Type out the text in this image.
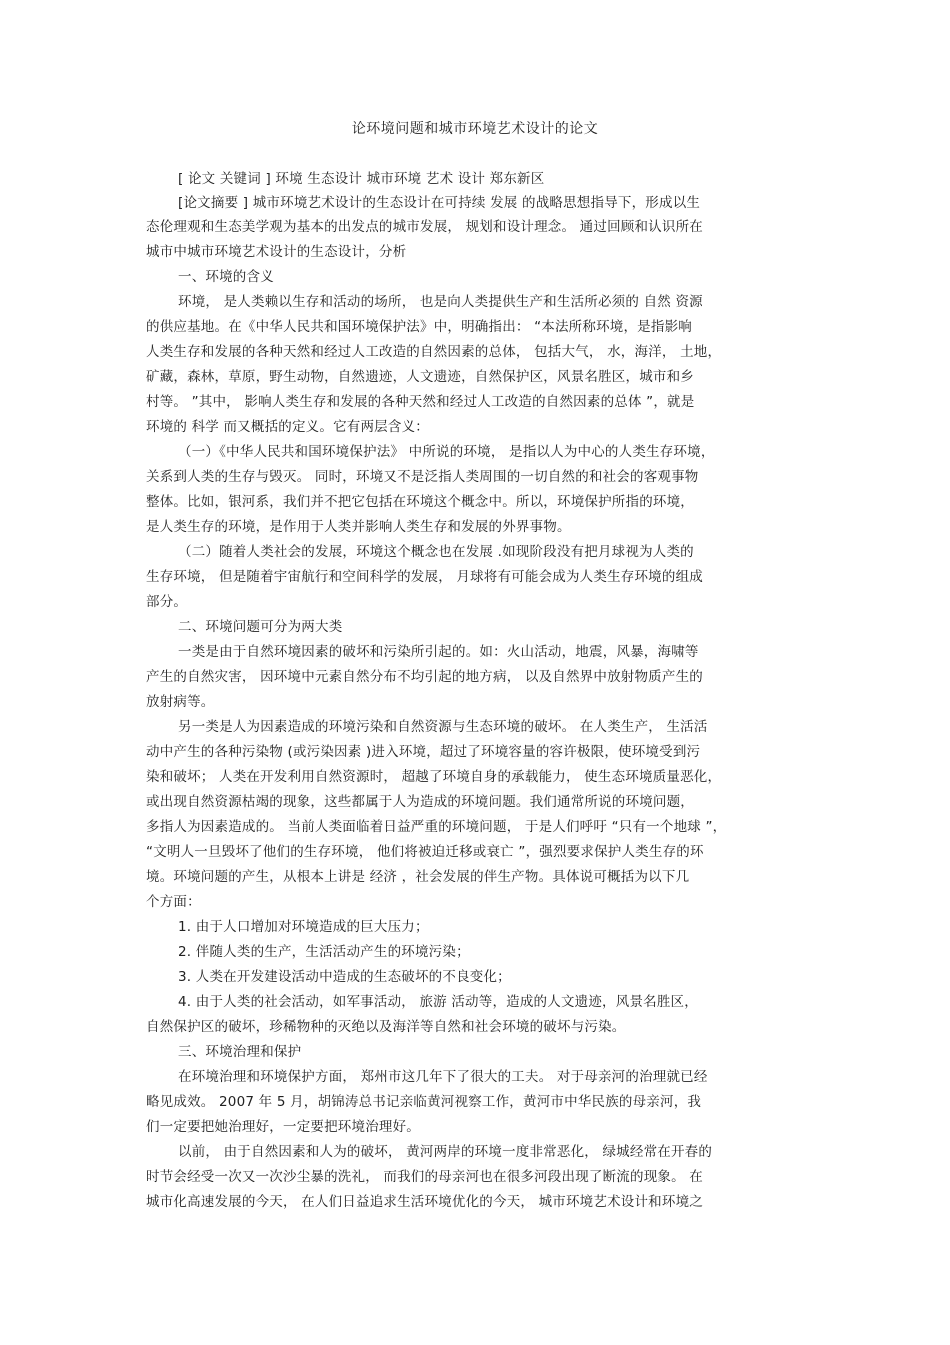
论环境问题和城市环境艺术设计的论文
[ 论文 关键词 ] 环境 生态设计 城市环境 艺术 设计 郑东新区
[论文摘要 ] 城市环境艺术设计的生态设计在可持续 发展 的战略思想指导下，形成以生
态伦理观和生态美学观为基本的出发点的城市发展， 规划和设计理念。 通过回顾和认识所在
城市中城市环境艺术设计的生态设计，分析
一、环境的含义
环境， 是人类赖以生存和活动的场所， 也是向人类提供生产和生活所必须的 自然 资源
的供应基地。在《中华人民共和国环境保护法》中，明确指出： “本法所称环境，是指影响
人类生存和发展的各种天然和经过人工改造的自然因素的总体， 包括大气， 水，海洋， 土地，
矿藏，森林，草原，野生动物，自然遗迹，人文遗迹，自然保护区，风景名胜区，城市和乡
村等。 ”其中， 影响人类生存和发展的各种天然和经过人工改造的自然因素的总体 ”，就是
环境的 科学 而又概括的定义。它有两层含义：
（一）《中华人民共和国环境保护法》 中所说的环境， 是指以人为中心的人类生存环境，
关系到人类的生存与毁灭。 同时，环境又不是泛指人类周围的一切自然的和社会的客观事物
整体。比如，银河系，我们并不把它包括在环境这个概念中。所以，环境保护所指的环境，
是人类生存的环境，是作用于人类并影响人类生存和发展的外界事物。
（二）随着人类社会的发展，环境这个概念也在发展 .如现阶段没有把月球视为人类的
生存环境， 但是随着宇宙航行和空间科学的发展， 月球将有可能会成为人类生存环境的组成
部分。
二、环境问题可分为两大类
一类是由于自然环境因素的破坏和污染所引起的。如：火山活动，地震，风暴，海啸等
产生的自然灾害， 因环境中元素自然分布不均引起的地方病， 以及自然界中放射物质产生的
放射病等。
另一类是人为因素造成的环境污染和自然资源与生态环境的破坏。 在人类生产， 生活活
动中产生的各种污染物 (或污染因素 )进入环境，超过了环境容量的容许极限，使环境受到污
染和破坏； 人类在开发利用自然资源时， 超越了环境自身的承载能力， 使生态环境质量恶化，
或出现自然资源枯竭的现象，这些都属于人为造成的环境问题。我们通常所说的环境问题，
多指人为因素造成的。 当前人类面临着日益严重的环境问题， 于是人们呼吁 “只有一个地球 ”，
“文明人一旦毁坏了他们的生存环境， 他们将被迫迁移或衰亡 ”，强烈要求保护人类生存的环
境。环境问题的产生，从根本上讲是 经济 ，社会发展的伴生产物。具体说可概括为以下几
个方面：
1. 由于人口增加对环境造成的巨大压力；
2. 伴随人类的生产，生活活动产生的环境污染；
3. 人类在开发建设活动中造成的生态破坏的不良变化；
4. 由于人类的社会活动，如军事活动， 旅游 活动等，造成的人文遗迹，风景名胜区，
自然保护区的破坏，珍稀物种的灭绝以及海洋等自然和社会环境的破坏与污染。
三、环境治理和保护
在环境治理和环境保护方面， 郑州市这几年下了很大的工夫。 对于母亲河的治理就已经
略见成效。 2007 年 5 月，胡锦涛总书记亲临黄河视察工作，黄河市中华民族的母亲河，我
们一定要把她治理好，一定要把环境治理好。
以前， 由于自然因素和人为的破坏， 黄河两岸的环境一度非常恶化， 绿城经常在开春的
时节会经受一次又一次沙尘暴的洗礼， 而我们的母亲河也在很多河段出现了断流的现象。 在
城市化高速发展的今天， 在人们日益追求生活环境优化的今天， 城市环境艺术设计和环境之
